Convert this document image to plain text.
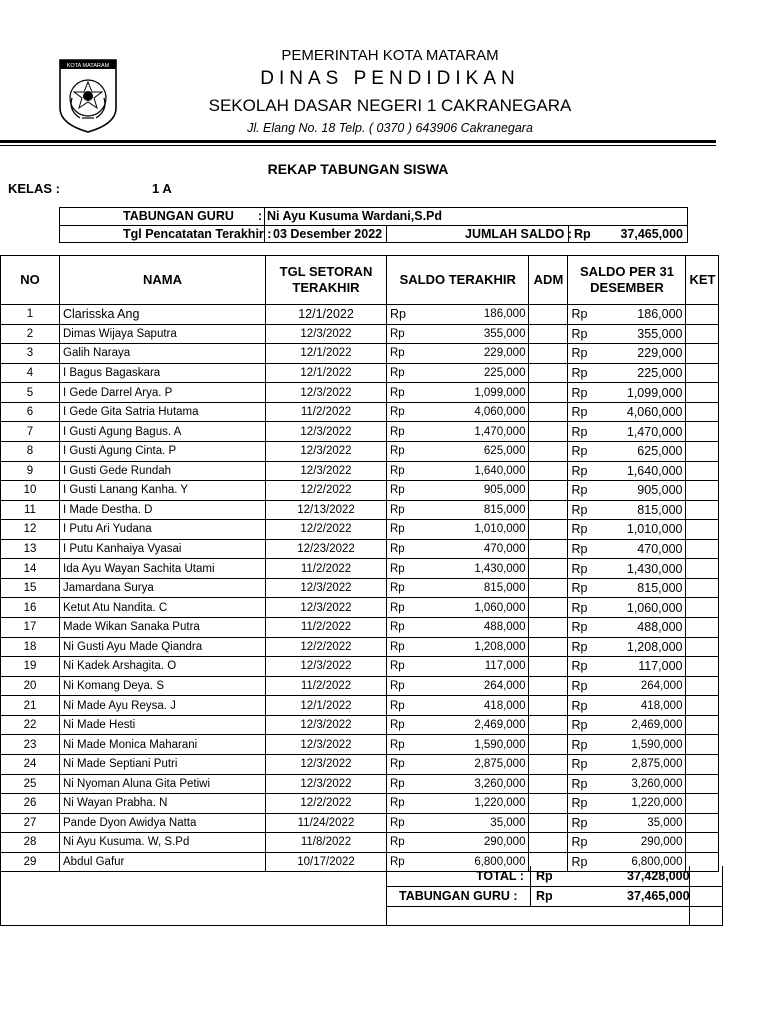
KOTA MATARAM
PEMERINTAH KOTA MATARAM
DINAS PENDIDIKAN
SEKOLAH DASAR NEGERI 1 CAKRANEGARA
Jl. Elang No. 18 Telp. ( 0370 ) 643906 Cakranegara
REKAP TABUNGAN SISWA
KELAS :	1 A
TABUNGAN GURU : Ni Ayu Kusuma Wardani,S.Pd
Tgl Pencatatan Terakhir : 03 Desember 2022	JUMLAH SALDO : Rp 37,465,000
NO	NAMA	TGL SETORAN TERAKHIR	SALDO TERAKHIR		ADM	SALDO PER 31 DESEMBER		KET
1	Clarisska Ang	12/1/2022	Rp	186,000		Rp	186,000	
2	Dimas Wijaya Saputra	12/3/2022	Rp	355,000		Rp	355,000	
3	Galih Naraya	12/1/2022	Rp	229,000		Rp	229,000	
4	I Bagus Bagaskara	12/1/2022	Rp	225,000		Rp	225,000	
5	I Gede Darrel Arya. P	12/3/2022	Rp	1,099,000		Rp	1,099,000	
6	I Gede Gita Satria Hutama	11/2/2022	Rp	4,060,000		Rp	4,060,000	
7	I Gusti Agung Bagus. A	12/3/2022	Rp	1,470,000		Rp	1,470,000	
8	I Gusti Agung Cinta. P	12/3/2022	Rp	625,000		Rp	625,000	
9	I Gusti Gede Rundah	12/3/2022	Rp	1,640,000		Rp	1,640,000	
10	I Gusti Lanang Kanha. Y	12/2/2022	Rp	905,000		Rp	905,000	
11	I Made Destha. D	12/13/2022	Rp	815,000		Rp	815,000	
12	I Putu Ari Yudana	12/2/2022	Rp	1,010,000		Rp	1,010,000	
13	I Putu Kanhaiya Vyasai	12/23/2022	Rp	470,000		Rp	470,000	
14	Ida Ayu Wayan Sachita Utami	11/2/2022	Rp	1,430,000		Rp	1,430,000	
15	Jamardana Surya	12/3/2022	Rp	815,000		Rp	815,000	
16	Ketut Atu Nandita. C	12/3/2022	Rp	1,060,000		Rp	1,060,000	
17	Made Wikan Sanaka Putra	11/2/2022	Rp	488,000		Rp	488,000	
18	Ni Gusti Ayu Made Qiandra	12/2/2022	Rp	1,208,000		Rp	1,208,000	
19	Ni Kadek Arshagita. O	12/3/2022	Rp	117,000		Rp	117,000	
20	Ni Komang Deya. S	11/2/2022	Rp	264,000		Rp	264,000	
21	Ni Made Ayu Reysa. J	12/1/2022	Rp	418,000		Rp	418,000	
22	Ni Made Hesti	12/3/2022	Rp	2,469,000		Rp	2,469,000	
23	Ni Made Monica Maharani	12/3/2022	Rp	1,590,000		Rp	1,590,000	
24	Ni Made Septiani Putri	12/3/2022	Rp	2,875,000		Rp	2,875,000	
25	Ni Nyoman Aluna Gita Petiwi	12/3/2022	Rp	3,260,000		Rp	3,260,000	
26	Ni Wayan Prabha. N	12/2/2022	Rp	1,220,000		Rp	1,220,000	
27	Pande Dyon Awidya Natta	11/24/2022	Rp	35,000		Rp	35,000	
28	Ni Ayu Kusuma. W, S.Pd	11/8/2022	Rp	290,000		Rp	290,000	
29	Abdul Gafur	10/17/2022	Rp	6,800,000		Rp	6,800,000	
TOTAL : Rp	37,428,000
TABUNGAN GURU : Rp	37,465,000
